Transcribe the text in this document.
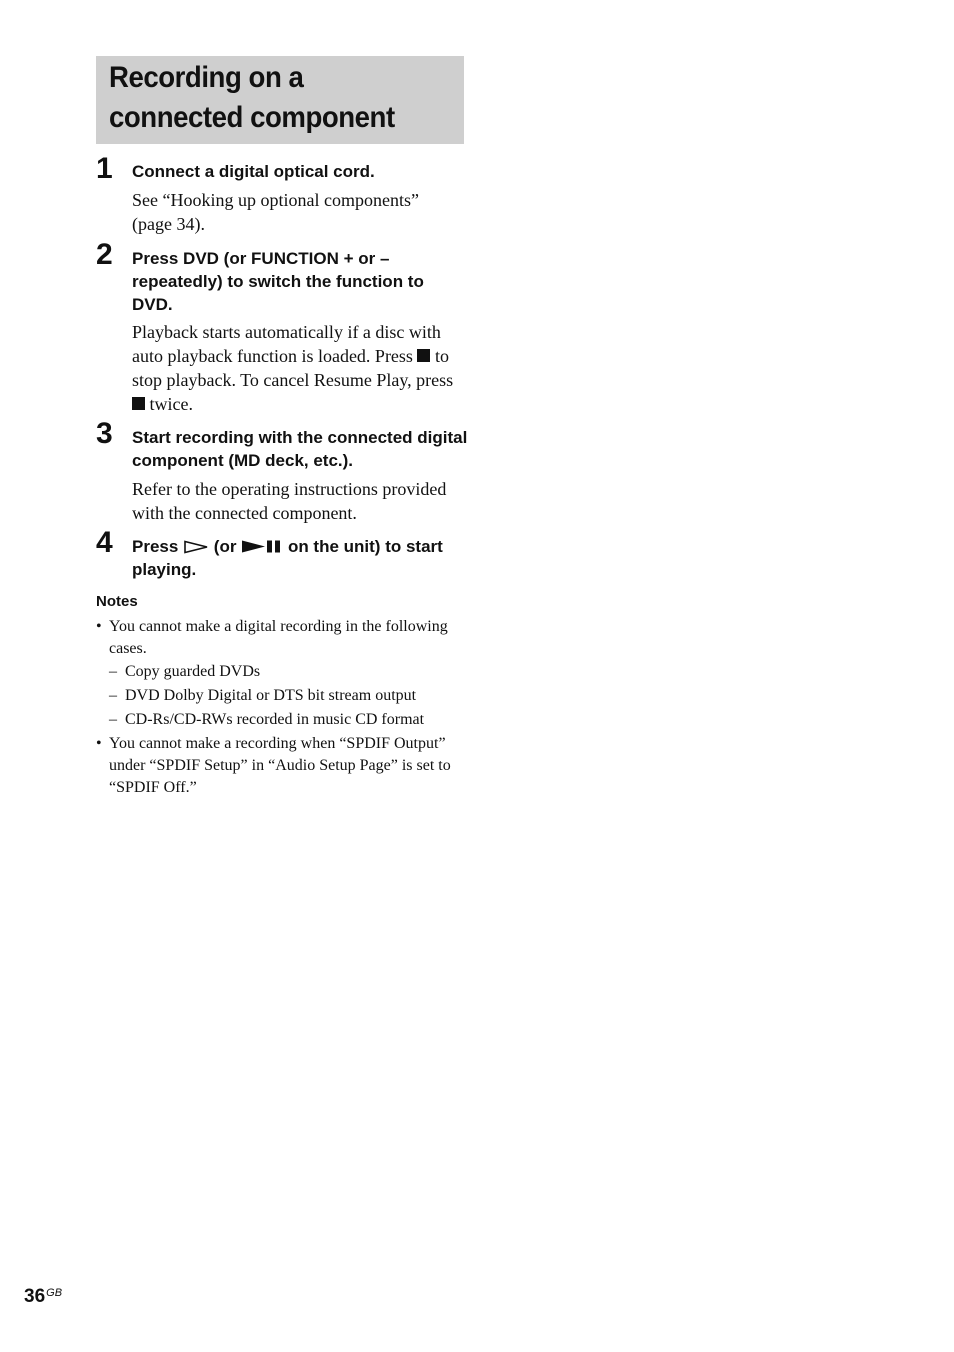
Recording on a connected component
1 Connect a digital optical cord.
See “Hooking up optional components” (page 34).
2 Press DVD (or FUNCTION + or – repeatedly) to switch the function to DVD.
Playback starts automatically if a disc with auto playback function is loaded. Press to stop playback. To cancel Resume Play, press  twice.
3 Start recording with the connected digital component (MD deck, etc.).
Refer to the operating instructions provided with the connected component.
4 Press (or	on the unit) to start playing.
Notes
• You cannot make a digital recording in the following cases.
– Copy guarded DVDs
– DVD Dolby Digital or DTS bit stream output
– CD-Rs/CD-RWs recorded in music CD format
• You cannot make a recording when “SPDIF Output” under “SPDIF Setup” in “Audio Setup Page” is set to “SPDIF Off.”
$36^{GB}$
